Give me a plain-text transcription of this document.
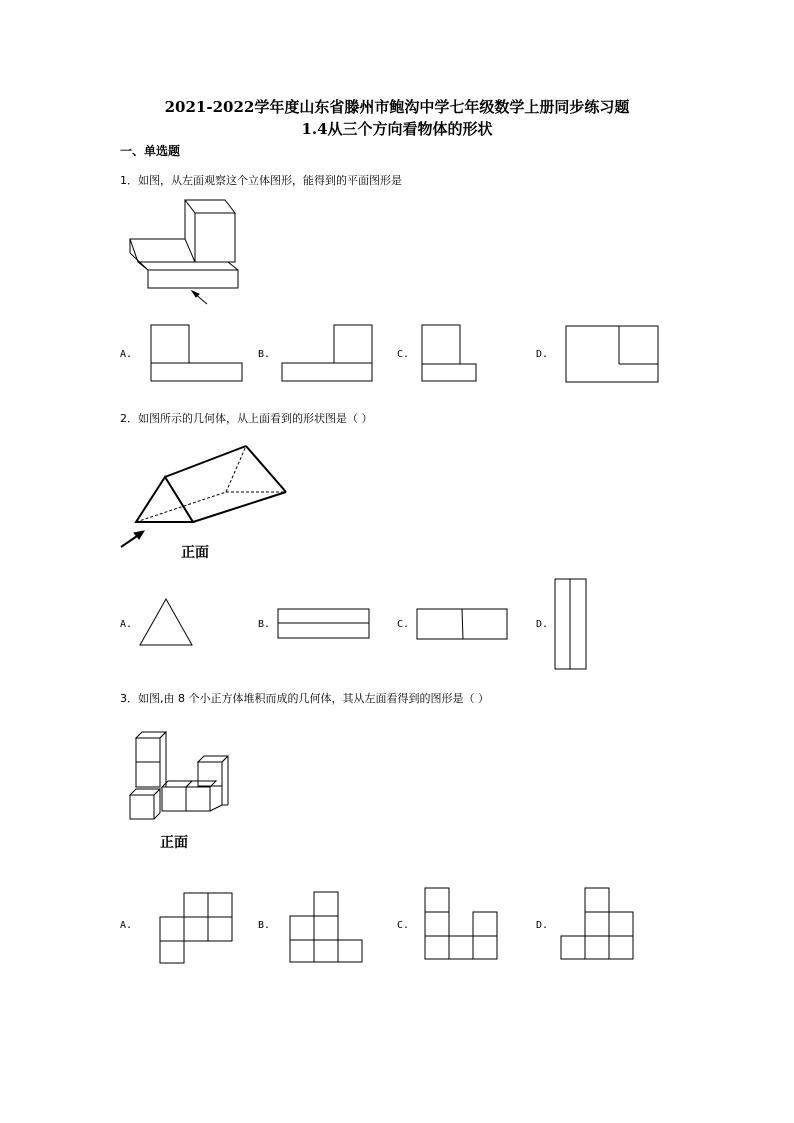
2021-2022学年度山东省滕州市鲍沟中学七年级数学上册同步练习题
1.4从三个方向看物体的形状
一、单选题
1．如图，从左面观察这个立体图形，能得到的平面图形是
A.	B.	C.	D.
2．如图所示的几何体，从上面看到的形状图是（ ）
正面
A.	B.	C.	D.
3．如图,由 8 个小正方体堆积而成的几何体，其从左面看得到的图形是（ ）
正面
A.	B.	C.	D.
